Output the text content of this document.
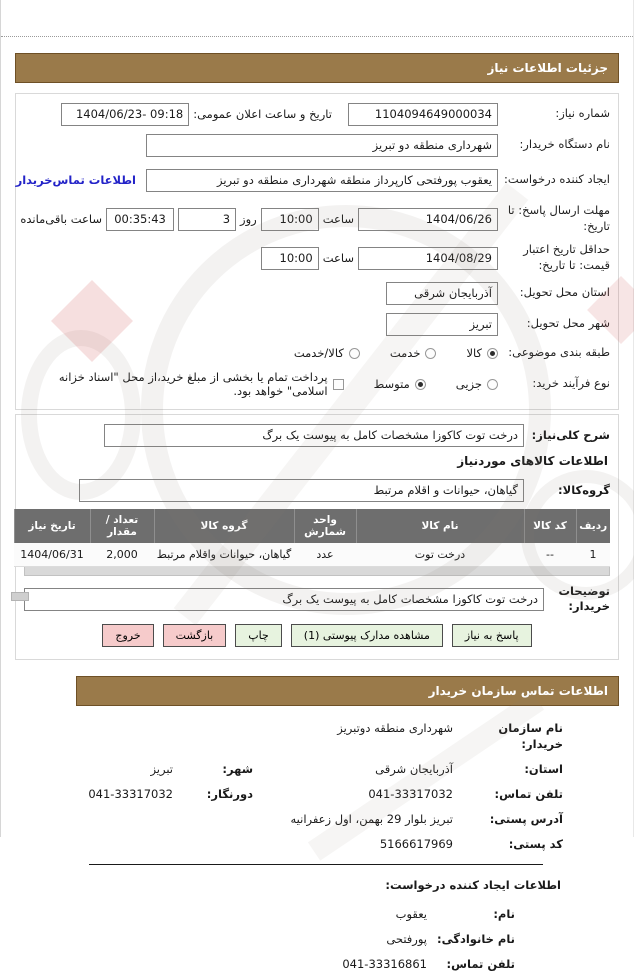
جزئیات اطلاعات نیاز
شماره نیاز:
1104094649000034
تاریخ و ساعت اعلان عمومی:
1404/06/23- 09:18
نام دستگاه خریدار:
شهرداری منطقه دو تبریز
ایجاد کننده درخواست:
یعقوب پورفتحی کارپرداز منطقه شهرداری منطقه دو تبریز
اطلاعات تماس‌خریدار
مهلت ارسال پاسخ: تا تاریخ:
1404/06/26
ساعت
10:00
روز
3
00:35:43
ساعت باقی‌مانده
حداقل تاریخ اعتبار قیمت: تا تاریخ:
1404/08/29
ساعت
10:00
استان محل تحویل:
آذربایجان شرقی
شهر محل تحویل:
تبریز
طبقه بندی موضوعی:
کالا
خدمت
کالا/خدمت
نوع فرآیند خرید:
جزیی
متوسط
پرداخت تمام یا بخشی از مبلغ خرید،از محل "اسناد خزانه اسلامی" خواهد بود.
شرح کلی‌نیاز:
درخت توت کاکوزا مشخصات کامل به پیوست یک برگ
اطلاعات کالاهای موردنیاز
گروه‌کالا:
گیاهان، حیوانات و اقلام مرتبط
ردیف	کد کالا	نام کالا	واحد شمارش	گروه کالا	تعداد / مقدار	تاریخ نیاز
1	--	درخت توت	عدد	گیاهان، حیوانات واقلام مرتبط	2,000	1404/06/31
توضیحات خریدار:
درخت توت کاکوزا مشخصات کامل به پیوست یک برگ
پاسخ به نیاز
مشاهده مدارک پیوستی (1)
چاپ
بازگشت
خروج
اطلاعات تماس سازمان خریدار
نام سازمان خریدار:
شهرداری منطقه دوتبریز
استان:
آذربایجان شرقی
شهر:
تبریز
تلفن تماس:
041-33317032
دورنگار:
041-33317032
آدرس پستی:
تبریز بلوار 29 بهمن، اول زعفرانیه
کد پستی:
5166617969
اطلاعات ایجاد کننده درخواست:
نام:
یعقوب
نام خانوادگی:
پورفتحی
تلفن تماس:
041-33316861
